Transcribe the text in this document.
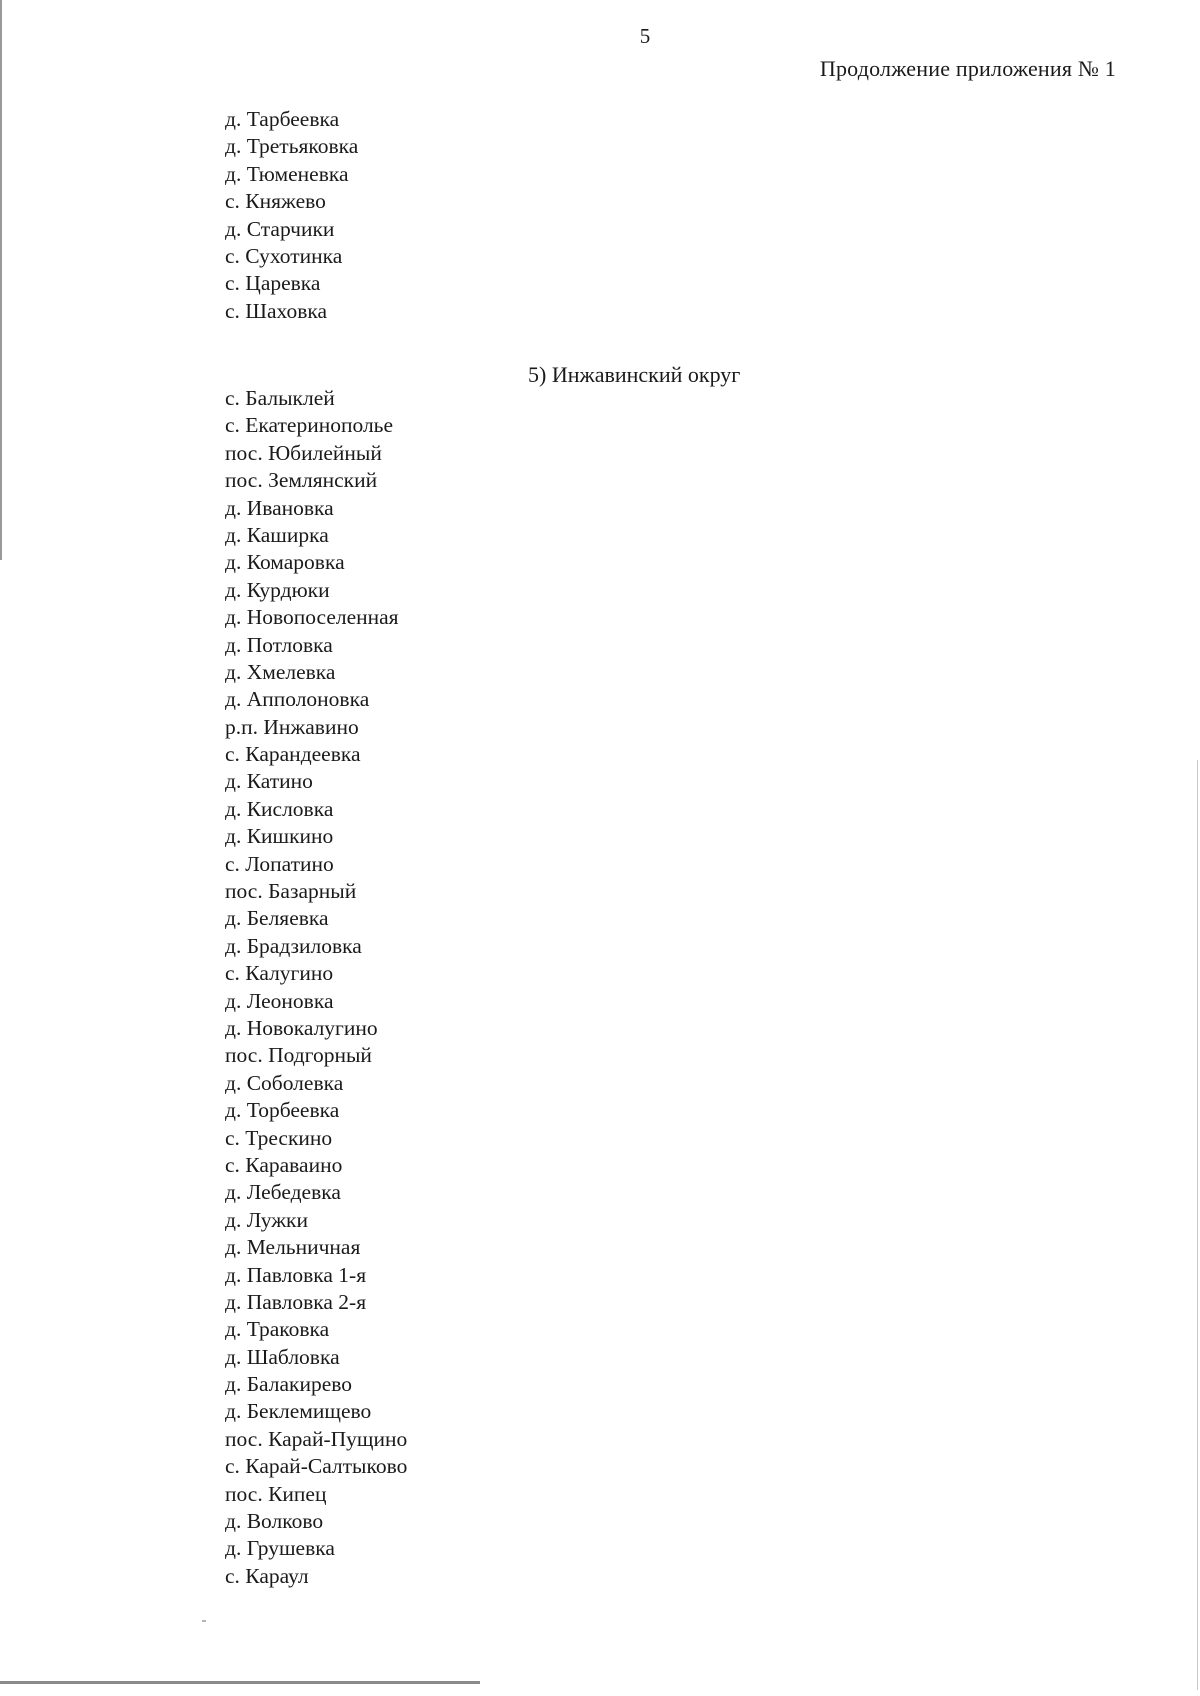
5
Продолжение приложения № 1
д. Тарбеевка
д. Третьяковка
д. Тюменевка
с. Княжево
д. Старчики
с. Сухотинка
с. Царевка
с. Шаховка
5) Инжавинский округ
с. Балыклей
с. Екатеринополье
пос. Юбилейный
пос. Землянский
д. Ивановка
д. Каширка
д. Комаровка
д. Курдюки
д. Новопоселенная
д. Потловка
д. Хмелевка
д. Апполоновка
р.п. Инжавино
с. Карандеевка
д. Катино
д. Кисловка
д. Кишкино
с. Лопатино
пос. Базарный
д. Беляевка
д. Брадзиловка
с. Калугино
д. Леоновка
д. Новокалугино
пос. Подгорный
д. Соболевка
д. Торбеевка
с. Трескино
с. Караваино
д. Лебедевка
д. Лужки
д. Мельничная
д. Павловка 1-я
д. Павловка 2-я
д. Траковка
д. Шабловка
д. Балакирево
д. Беклемищево
пос. Карай-Пущино
с. Карай-Салтыково
пос. Кипец
д. Волково
д. Грушевка
с. Караул
